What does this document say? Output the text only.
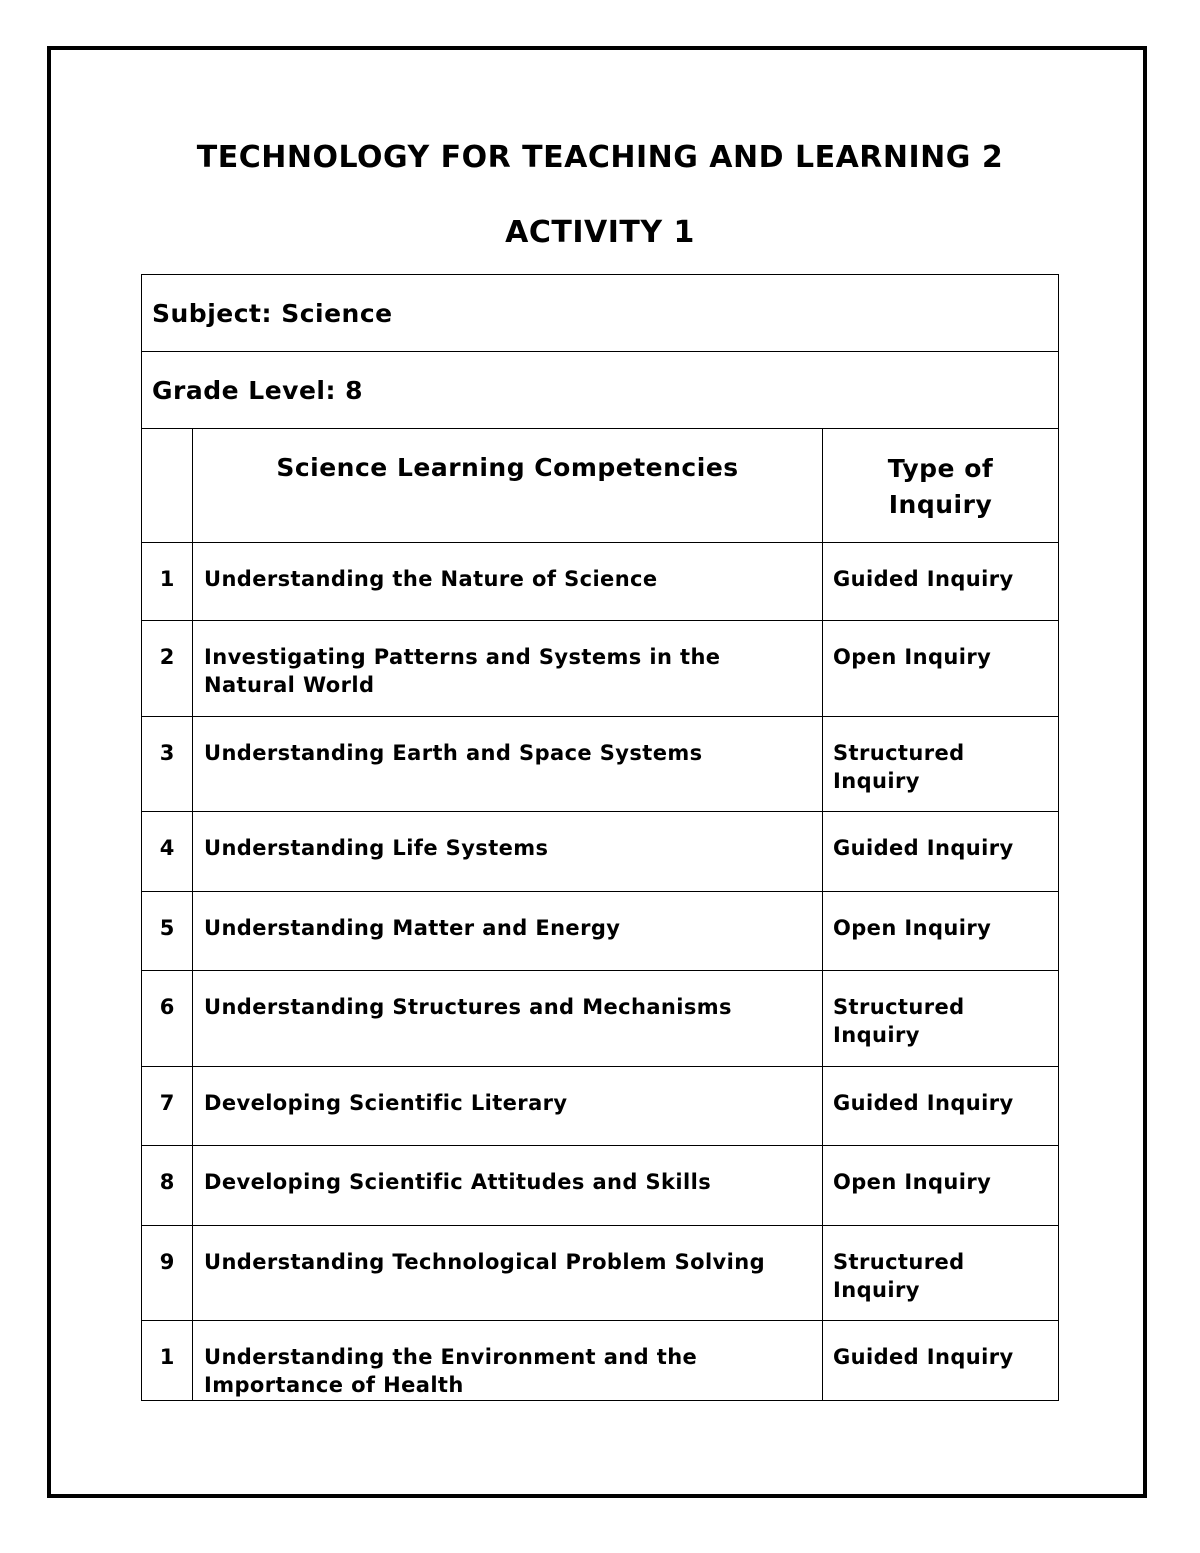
TECHNOLOGY FOR TEACHING AND LEARNING 2
ACTIVITY 1
Subject: Science		
Grade Level: 8		
	Science Learning Competencies	Type of Inquiry

1	Understanding the Nature of Science	Guided Inquiry
2	Investigating Patterns and Systems in the Natural World	Open Inquiry
3	Understanding Earth and Space Systems	Structured Inquiry
4	Understanding Life Systems	Guided Inquiry
5	Understanding Matter and Energy	Open Inquiry
6	Understanding Structures and Mechanisms	Structured Inquiry
7	Developing Scientific Literary	Guided Inquiry
8	Developing Scientific Attitudes and Skills	Open Inquiry
9	Understanding Technological Problem Solving	Structured Inquiry
1	Understanding the Environment and the Importance of Health	Guided Inquiry
